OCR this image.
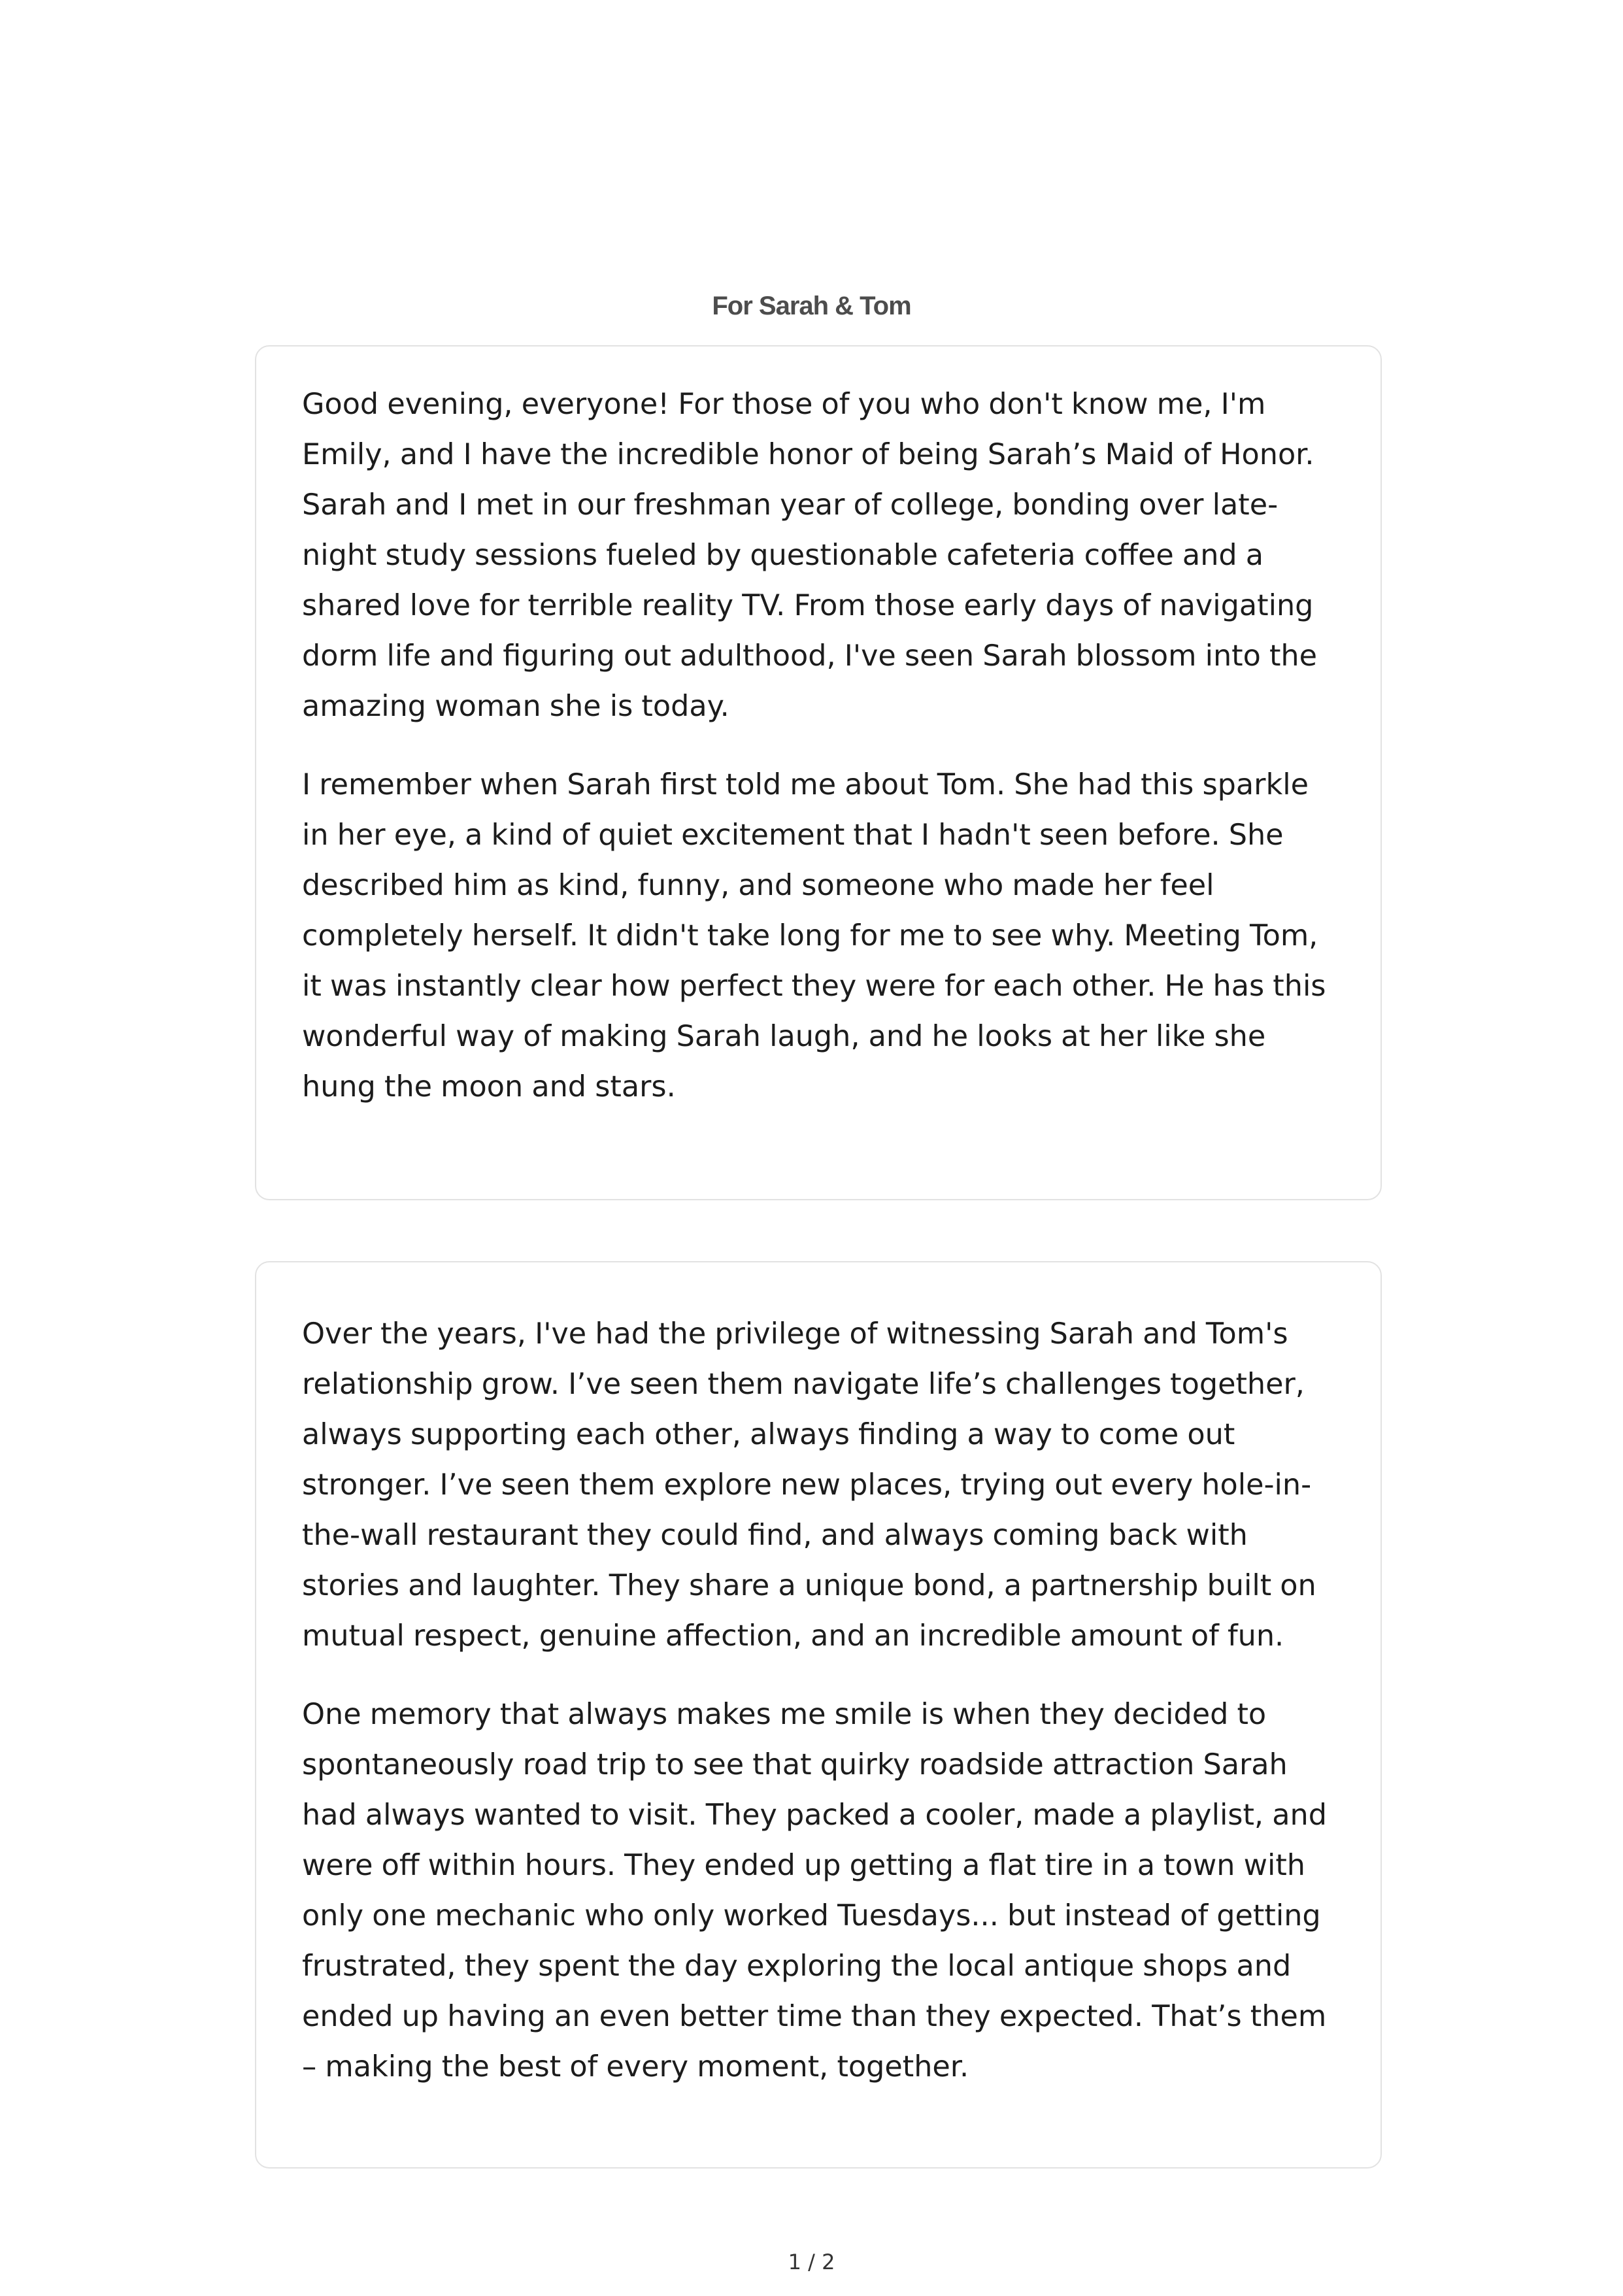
For Sarah & Tom

Good evening, everyone! For those of you who don't know me, I'm Emily, and I have the incredible honor of being Sarah’s Maid of Honor. Sarah and I met in our freshman year of college, bonding over late-night study sessions fueled by questionable cafeteria coffee and a shared love for terrible reality TV. From those early days of navigating dorm life and figuring out adulthood, I've seen Sarah blossom into the amazing woman she is today.

I remember when Sarah first told me about Tom. She had this sparkle in her eye, a kind of quiet excitement that I hadn't seen before. She described him as kind, funny, and someone who made her feel completely herself. It didn't take long for me to see why. Meeting Tom, it was instantly clear how perfect they were for each other. He has this wonderful way of making Sarah laugh, and he looks at her like she hung the moon and stars.

Over the years, I've had the privilege of witnessing Sarah and Tom's relationship grow. I’ve seen them navigate life’s challenges together, always supporting each other, always finding a way to come out stronger. I’ve seen them explore new places, trying out every hole-in-the-wall restaurant they could find, and always coming back with stories and laughter. They share a unique bond, a partnership built on mutual respect, genuine affection, and an incredible amount of fun.

One memory that always makes me smile is when they decided to spontaneously road trip to see that quirky roadside attraction Sarah had always wanted to visit. They packed a cooler, made a playlist, and were off within hours. They ended up getting a flat tire in a town with only one mechanic who only worked Tuesdays... but instead of getting frustrated, they spent the day exploring the local antique shops and ended up having an even better time than they expected. That’s them – making the best of every moment, together.

1 / 2
